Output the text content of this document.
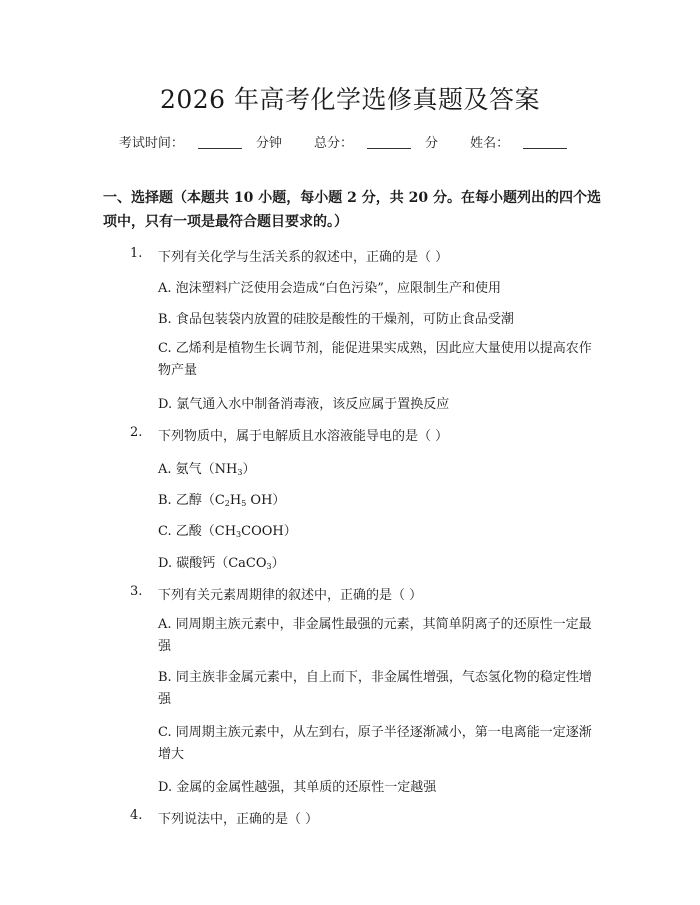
2026 年高考化学选修真题及答案
考试时间：	分钟 总分：	分 姓名：
一、选择题（本题共 10 小题，每小题 2 分，共 20 分。在每小题列出的四个选项中，只有一项是最符合题目要求的。）
1. 下列有关化学与生活关系的叙述中，正确的是（ ）
A. 泡沫塑料广泛使用会造成“白色污染”，应限制生产和使用
B. 食品包装袋内放置的硅胶是酸性的干燥剂，可防止食品受潮
C. 乙烯利是植物生长调节剂，能促进果实成熟，因此应大量使用以提高农作物产量
D. 氯气通入水中制备消毒液，该反应属于置换反应
2. 下列物质中，属于电解质且水溶液能导电的是（ ）
A. 氨气$(NH_3)$
B. 乙醇（$C_2H_5$ OH）
C. 乙酸$(CH_3COOH)$
D. 碳酸钙（CaCO$_3$）
3. 下列有关元素周期律的叙述中，正确的是（ ）
A. 同周期主族元素中，非金属性最强的元素，其简单阴离子的还原性一定最强
B. 同主族非金属元素中，自上而下，非金属性增强，气态氢化物的稳定性增强
C. 同周期主族元素中，从左到右，原子半径逐渐减小，第一电离能一定逐渐增大
D. 金属的金属性越强，其单质的还原性一定越强
4. 下列说法中，正确的是（ ）
